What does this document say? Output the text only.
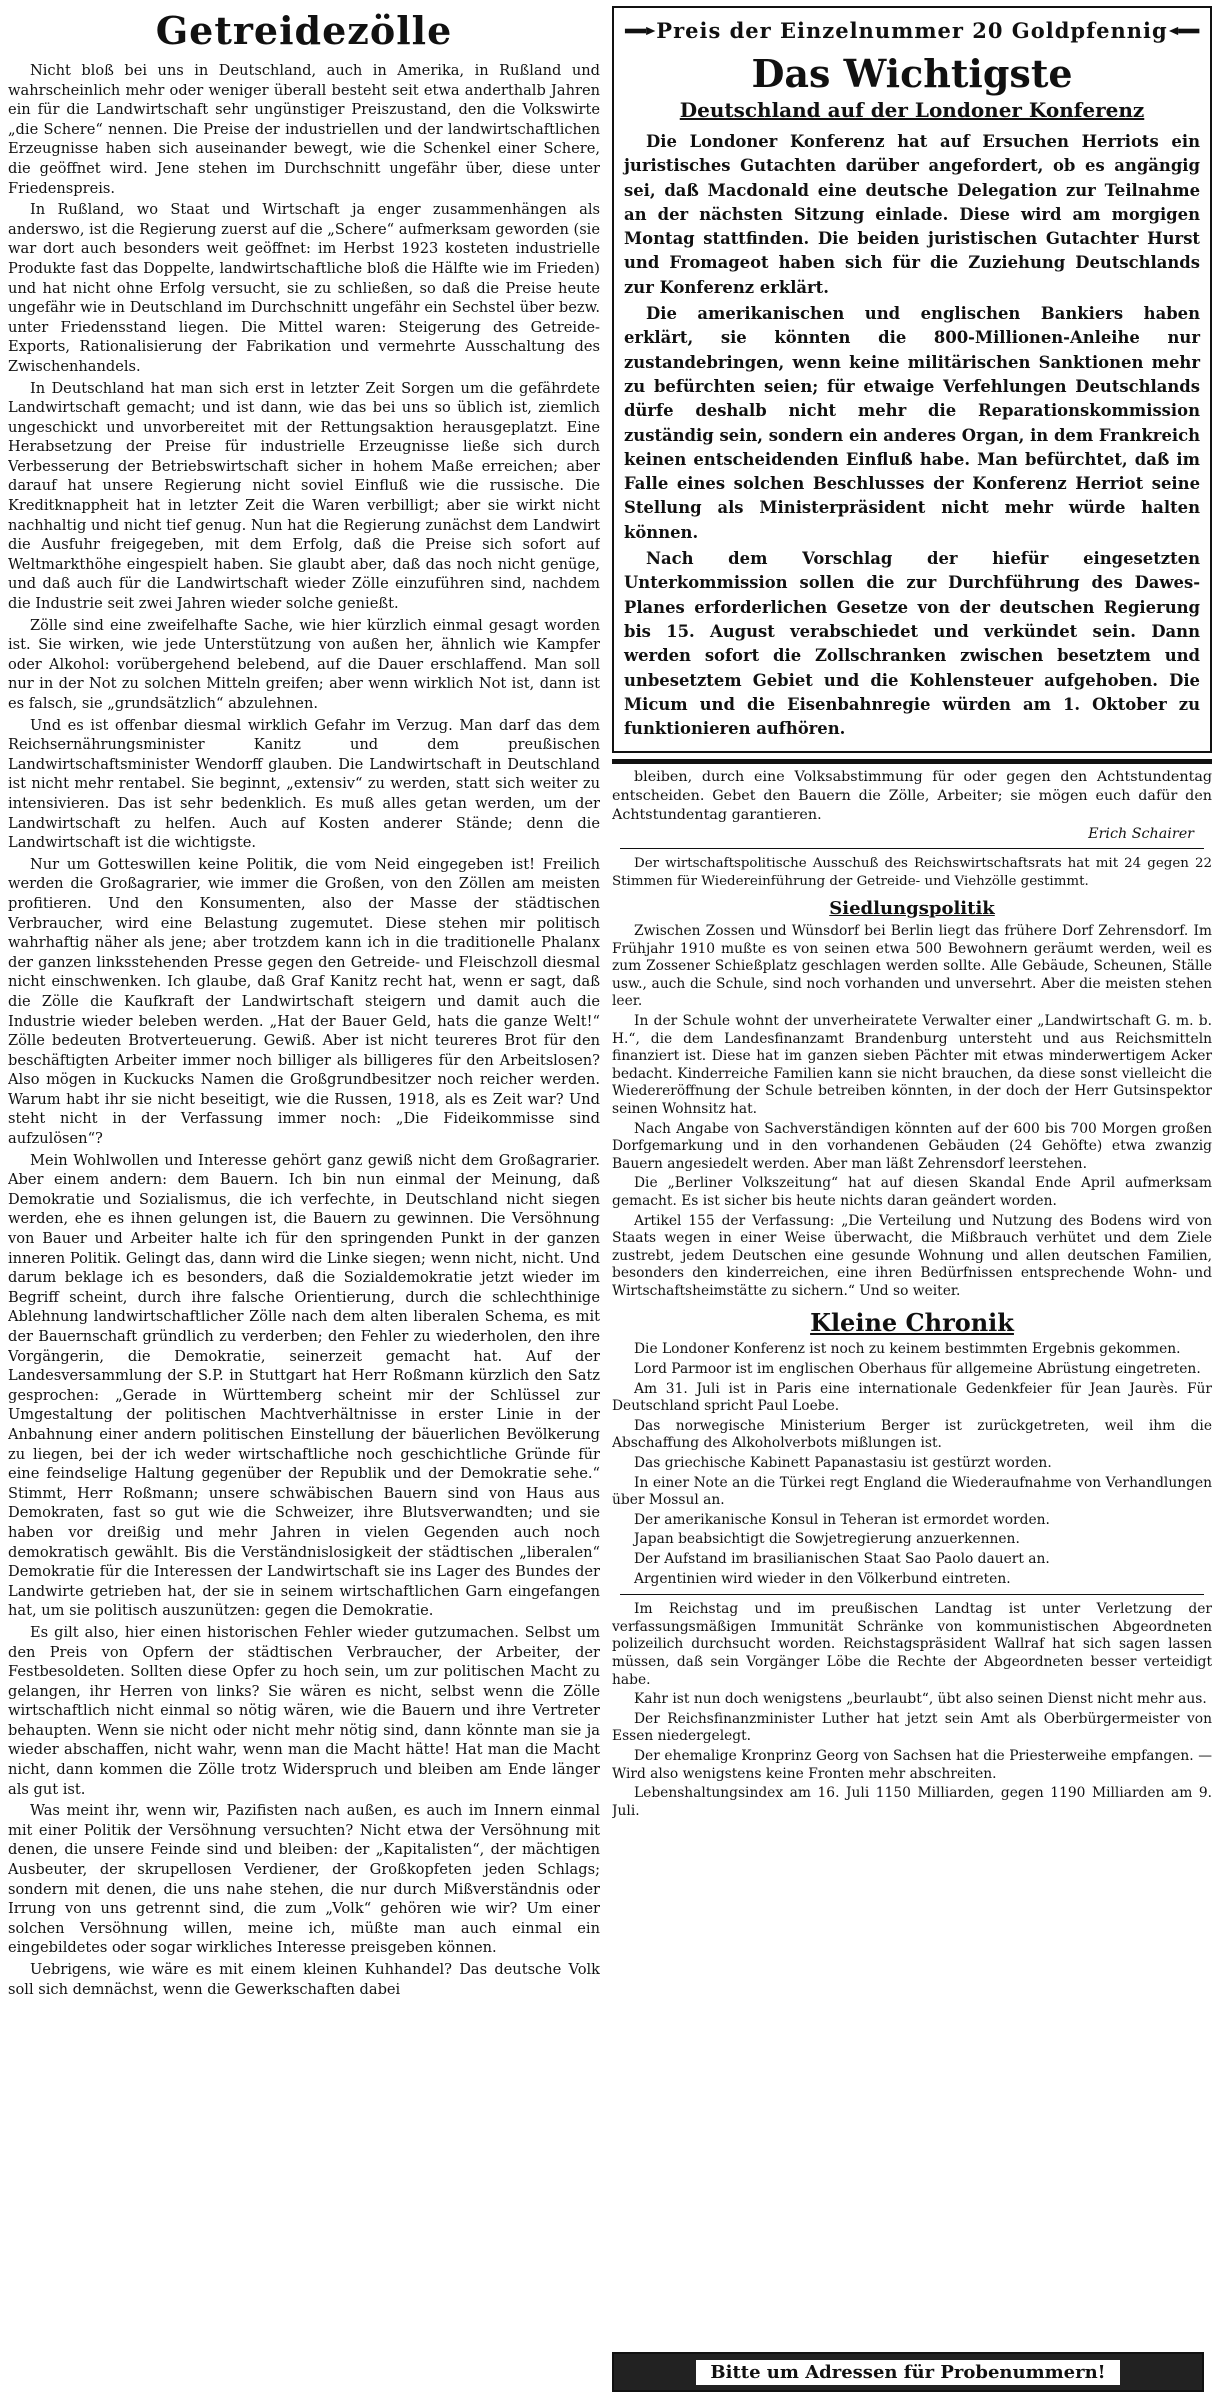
Getreidezölle

Nicht bloß bei uns in Deutschland, auch in Amerika, in Rußland und wahrscheinlich mehr oder weniger überall besteht seit etwa anderthalb Jahren ein für die Landwirtschaft sehr ungünstiger Preiszustand, den die Volkswirte „die Schere“ nennen. Die Preise der industriellen und der landwirtschaftlichen Erzeugnisse haben sich auseinander bewegt, wie die Schenkel einer Schere, die geöffnet wird. Jene stehen im Durchschnitt ungefähr über, diese unter Friedenspreis.

In Rußland, wo Staat und Wirtschaft ja enger zusammenhängen als anderswo, ist die Regierung zuerst auf die „Schere“ aufmerksam geworden (sie war dort auch besonders weit geöffnet: im Herbst 1923 kosteten industrielle Produkte fast das Doppelte, landwirtschaftliche bloß die Hälfte wie im Frieden) und hat nicht ohne Erfolg versucht, sie zu schließen, so daß die Preise heute ungefähr wie in Deutschland im Durchschnitt ungefähr ein Sechstel über bezw. unter Friedensstand liegen. Die Mittel waren: Steigerung des Getreide-Exports, Rationalisierung der Fabrikation und vermehrte Ausschaltung des Zwischenhandels.

In Deutschland hat man sich erst in letzter Zeit Sorgen um die gefährdete Landwirtschaft gemacht; und ist dann, wie das bei uns so üblich ist, ziemlich ungeschickt und unvorbereitet mit der Rettungsaktion herausgeplatzt. Eine Herabsetzung der Preise für industrielle Erzeugnisse ließe sich durch Verbesserung der Betriebswirtschaft sicher in hohem Maße erreichen; aber darauf hat unsere Regierung nicht soviel Einfluß wie die russische. Die Kreditknappheit hat in letzter Zeit die Waren verbilligt; aber sie wirkt nicht nachhaltig und nicht tief genug. Nun hat die Regierung zunächst dem Landwirt die Ausfuhr freigegeben, mit dem Erfolg, daß die Preise sich sofort auf Weltmarkthöhe eingespielt haben. Sie glaubt aber, daß das noch nicht genüge, und daß auch für die Landwirtschaft wieder Zölle einzuführen sind, nachdem die Industrie seit zwei Jahren wieder solche genießt.

Zölle sind eine zweifelhafte Sache, wie hier kürzlich einmal gesagt worden ist. Sie wirken, wie jede Unterstützung von außen her, ähnlich wie Kampfer oder Alkohol: vorübergehend belebend, auf die Dauer erschlaffend. Man soll nur in der Not zu solchen Mitteln greifen; aber wenn wirklich Not ist, dann ist es falsch, sie „grundsätzlich“ abzulehnen.

Und es ist offenbar diesmal wirklich Gefahr im Verzug. Man darf das dem Reichsernährungsminister Kanitz und dem preußischen Landwirtschaftsminister Wendorff glauben. Die Landwirtschaft in Deutschland ist nicht mehr rentabel. Sie beginnt, „extensiv“ zu werden, statt sich weiter zu intensivieren. Das ist sehr bedenklich. Es muß alles getan werden, um der Landwirtschaft zu helfen. Auch auf Kosten anderer Stände; denn die Landwirtschaft ist die wichtigste.

Nur um Gotteswillen keine Politik, die vom Neid eingegeben ist! Freilich werden die Großagrarier, wie immer die Großen, von den Zöllen am meisten profitieren. Und den Konsumenten, also der Masse der städtischen Verbraucher, wird eine Belastung zugemutet. Diese stehen mir politisch wahrhaftig näher als jene; aber trotzdem kann ich in die traditionelle Phalanx der ganzen linksstehenden Presse gegen den Getreide- und Fleischzoll diesmal nicht einschwenken. Ich glaube, daß Graf Kanitz recht hat, wenn er sagt, daß die Zölle die Kaufkraft der Landwirtschaft steigern und damit auch die Industrie wieder beleben werden. „Hat der Bauer Geld, hats die ganze Welt!“ Zölle bedeuten Brotverteuerung. Gewiß. Aber ist nicht teureres Brot für den beschäftigten Arbeiter immer noch billiger als billigeres für den Arbeitslosen? Also mögen in Kuckucks Namen die Großgrundbesitzer noch reicher werden. Warum habt ihr sie nicht beseitigt, wie die Russen, 1918, als es Zeit war? Und steht nicht in der Verfassung immer noch: „Die Fideikommisse sind aufzulösen“?

Mein Wohlwollen und Interesse gehört ganz gewiß nicht dem Großagrarier. Aber einem andern: dem Bauern. Ich bin nun einmal der Meinung, daß Demokratie und Sozialismus, die ich verfechte, in Deutschland nicht siegen werden, ehe es ihnen gelungen ist, die Bauern zu gewinnen. Die Versöhnung von Bauer und Arbeiter halte ich für den springenden Punkt in der ganzen inneren Politik. Gelingt das, dann wird die Linke siegen; wenn nicht, nicht. Und darum beklage ich es besonders, daß die Sozialdemokratie jetzt wieder im Begriff scheint, durch ihre falsche Orientierung, durch die schlechthinige Ablehnung landwirtschaftlicher Zölle nach dem alten liberalen Schema, es mit der Bauernschaft gründlich zu verderben; den Fehler zu wiederholen, den ihre Vorgängerin, die Demokratie, seinerzeit gemacht hat. Auf der Landesversammlung der S.P. in Stuttgart hat Herr Roßmann kürzlich den Satz gesprochen: „Gerade in Württemberg scheint mir der Schlüssel zur Umgestaltung der politischen Machtverhältnisse in erster Linie in der Anbahnung einer andern politischen Einstellung der bäuerlichen Bevölkerung zu liegen, bei der ich weder wirtschaftliche noch geschichtliche Gründe für eine feindselige Haltung gegenüber der Republik und der Demokratie sehe.“ Stimmt, Herr Roßmann; unsere schwäbischen Bauern sind von Haus aus Demokraten, fast so gut wie die Schweizer, ihre Blutsverwandten; und sie haben vor dreißig und mehr Jahren in vielen Gegenden auch noch demokratisch gewählt. Bis die Verständnislosigkeit der städtischen „liberalen“ Demokratie für die Interessen der Landwirtschaft sie ins Lager des Bundes der Landwirte getrieben hat, der sie in seinem wirtschaftlichen Garn eingefangen hat, um sie politisch auszunützen: gegen die Demokratie.

Es gilt also, hier einen historischen Fehler wieder gutzumachen. Selbst um den Preis von Opfern der städtischen Verbraucher, der Arbeiter, der Festbesoldeten. Sollten diese Opfer zu hoch sein, um zur politischen Macht zu gelangen, ihr Herren von links? Sie wären es nicht, selbst wenn die Zölle wirtschaftlich nicht einmal so nötig wären, wie die Bauern und ihre Vertreter behaupten. Wenn sie nicht oder nicht mehr nötig sind, dann könnte man sie ja wieder abschaffen, nicht wahr, wenn man die Macht hätte! Hat man die Macht nicht, dann kommen die Zölle trotz Widerspruch und bleiben am Ende länger als gut ist.

Was meint ihr, wenn wir, Pazifisten nach außen, es auch im Innern einmal mit einer Politik der Versöhnung versuchten? Nicht etwa der Versöhnung mit denen, die unsere Feinde sind und bleiben: der „Kapitalisten“, der mächtigen Ausbeuter, der skrupellosen Verdiener, der Großkopfeten jeden Schlags; sondern mit denen, die uns nahe stehen, die nur durch Mißverständnis oder Irrung von uns getrennt sind, die zum „Volk“ gehören wie wir? Um einer solchen Versöhnung willen, meine ich, müßte man auch einmal ein eingebildetes oder sogar wirkliches Interesse preisgeben können.

Uebrigens, wie wäre es mit einem kleinen Kuhhandel? Das deutsche Volk soll sich demnächst, wenn die Gewerkschaften dabei

Preis der Einzelnummer 20 Goldpfennig
Das Wichtigste
Deutschland auf der Londoner Konferenz

Die Londoner Konferenz hat auf Ersuchen Herriots ein juristisches Gutachten darüber angefordert, ob es angängig sei, daß Macdonald eine deutsche Delegation zur Teilnahme an der nächsten Sitzung einlade. Diese wird am morgigen Montag stattfinden. Die beiden juristischen Gutachter Hurst und Fromageot haben sich für die Zuziehung Deutschlands zur Konferenz erklärt.

Die amerikanischen und englischen Bankiers haben erklärt, sie könnten die 800-Millionen-Anleihe nur zustandebringen, wenn keine militärischen Sanktionen mehr zu befürchten seien; für etwaige Verfehlungen Deutschlands dürfe deshalb nicht mehr die Reparationskommission zuständig sein, sondern ein anderes Organ, in dem Frankreich keinen entscheidenden Einfluß habe. Man befürchtet, daß im Falle eines solchen Beschlusses der Konferenz Herriot seine Stellung als Ministerpräsident nicht mehr würde halten können.

Nach dem Vorschlag der hiefür eingesetzten Unterkommission sollen die zur Durchführung des Dawes-Planes erforderlichen Gesetze von der deutschen Regierung bis 15. August verabschiedet und verkündet sein. Dann werden sofort die Zollschranken zwischen besetztem und unbesetztem Gebiet und die Kohlensteuer aufgehoben. Die Micum und die Eisenbahnregie würden am 1. Oktober zu funktionieren aufhören.

bleiben, durch eine Volksabstimmung für oder gegen den Achtstundentag entscheiden. Gebet den Bauern die Zölle, Arbeiter; sie mögen euch dafür den Achtstundentag garantieren.

Erich Schairer

Der wirtschaftspolitische Ausschuß des Reichswirtschaftsrats hat mit 24 gegen 22 Stimmen für Wiedereinführung der Getreide- und Viehzölle gestimmt.

Siedlungspolitik

Zwischen Zossen und Wünsdorf bei Berlin liegt das frühere Dorf Zehrensdorf. Im Frühjahr 1910 mußte es von seinen etwa 500 Bewohnern geräumt werden, weil es zum Zossener Schießplatz geschlagen werden sollte. Alle Gebäude, Scheunen, Ställe usw., auch die Schule, sind noch vorhanden und unversehrt. Aber die meisten stehen leer.

In der Schule wohnt der unverheiratete Verwalter einer „Landwirtschaft G. m. b. H.“, die dem Landesfinanzamt Brandenburg untersteht und aus Reichsmitteln finanziert ist. Diese hat im ganzen sieben Pächter mit etwas minderwertigem Acker bedacht. Kinderreiche Familien kann sie nicht brauchen, da diese sonst vielleicht die Wiedereröffnung der Schule betreiben könnten, in der doch der Herr Gutsinspektor seinen Wohnsitz hat.

Nach Angabe von Sachverständigen könnten auf der 600 bis 700 Morgen großen Dorfgemarkung und in den vorhandenen Gebäuden (24 Gehöfte) etwa zwanzig Bauern angesiedelt werden. Aber man läßt Zehrensdorf leerstehen.

Die „Berliner Volkszeitung“ hat auf diesen Skandal Ende April aufmerksam gemacht. Es ist sicher bis heute nichts daran geändert worden.

Artikel 155 der Verfassung: „Die Verteilung und Nutzung des Bodens wird von Staats wegen in einer Weise überwacht, die Mißbrauch verhütet und dem Ziele zustrebt, jedem Deutschen eine gesunde Wohnung und allen deutschen Familien, besonders den kinderreichen, eine ihren Bedürfnissen entsprechende Wohn- und Wirtschaftsheimstätte zu sichern.“ Und so weiter.

Kleine Chronik

Die Londoner Konferenz ist noch zu keinem bestimmten Ergebnis gekommen.

Lord Parmoor ist im englischen Oberhaus für allgemeine Abrüstung eingetreten.

Am 31. Juli ist in Paris eine internationale Gedenkfeier für Jean Jaurès. Für Deutschland spricht Paul Loebe.

Das norwegische Ministerium Berger ist zurückgetreten, weil ihm die Abschaffung des Alkoholverbots mißlungen ist.

Das griechische Kabinett Papanastasiu ist gestürzt worden.

In einer Note an die Türkei regt England die Wiederaufnahme von Verhandlungen über Mossul an.

Der amerikanische Konsul in Teheran ist ermordet worden.

Japan beabsichtigt die Sowjetregierung anzuerkennen.

Der Aufstand im brasilianischen Staat Sao Paolo dauert an.

Argentinien wird wieder in den Völkerbund eintreten.

Im Reichstag und im preußischen Landtag ist unter Verletzung der verfassungsmäßigen Immunität Schränke von kommunistischen Abgeordneten polizeilich durchsucht worden. Reichstagspräsident Wallraf hat sich sagen lassen müssen, daß sein Vorgänger Löbe die Rechte der Abgeordneten besser verteidigt habe.

Kahr ist nun doch wenigstens „beurlaubt“, übt also seinen Dienst nicht mehr aus.

Der Reichsfinanzminister Luther hat jetzt sein Amt als Oberbürgermeister von Essen niedergelegt.

Der ehemalige Kronprinz Georg von Sachsen hat die Priesterweihe empfangen. — Wird also wenigstens keine Fronten mehr abschreiten.

Lebenshaltungsindex am 16. Juli 1150 Milliarden, gegen 1190 Milliarden am 9. Juli.

Bitte um Adressen für Probenummern!
